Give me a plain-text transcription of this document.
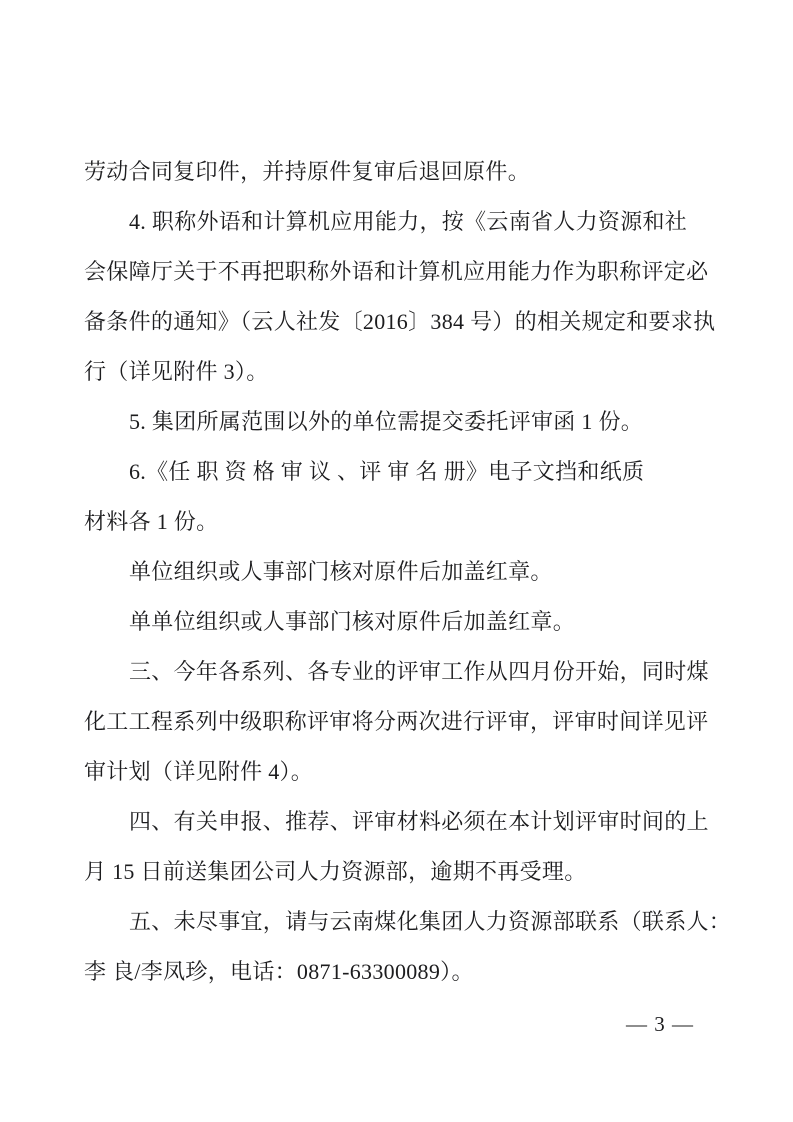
劳动合同复印件，并持原件复审后退回原件。

4. 职称外语和计算机应用能力，按《云南省人力资源和社

会保障厅关于不再把职称外语和计算机应用能力作为职称评定必

备条件的通知》（云人社发〔2016〕384 号）的相关规定和要求执

行（详见附件 3）。

5. 集团所属范围以外的单位需提交委托评审函 1 份。

6.《任 职 资 格 审 议 、评 审 名 册》电子文挡和纸质

材料各 1 份。

单位组织或人事部门核对原件后加盖红章。

单单位组织或人事部门核对原件后加盖红章。

三、今年各系列、各专业的评审工作从四月份开始，同时煤

化工工程系列中级职称评审将分两次进行评审，评审时间详见评

审计划（详见附件 4）。

四、有关申报、推荐、评审材料必须在本计划评审时间的上

月 15 日前送集团公司人力资源部，逾期不再受理。

五、未尽事宜，请与云南煤化集团人力资源部联系（联系人：

李 良/李凤珍，电话：0871-63300089）。

— 3 —
